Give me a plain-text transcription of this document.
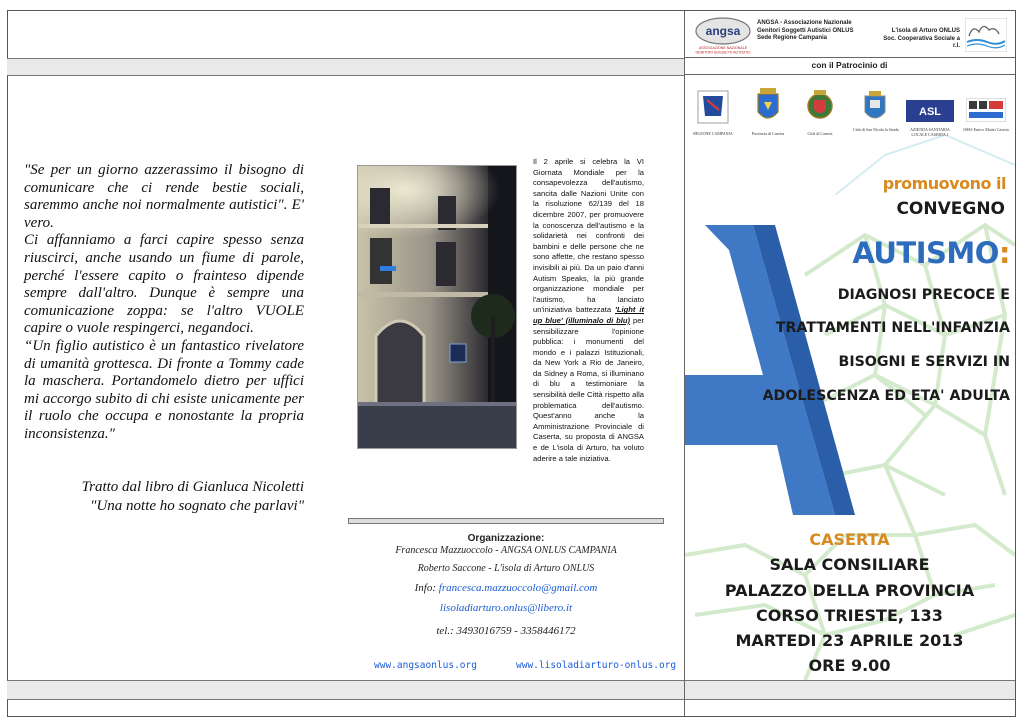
"Se per un giorno azzerassimo il bisogno di comunicare che ci rende bestie sociali, saremmo anche noi normalmente autistici". E' vero.

Ci affanniamo a farci capire spesso senza riuscirci, anche usando un fiume di parole, perché l'essere capito o frainteso dipende sempre dall'altro. Dunque è sempre una comunicazione zoppa: se l'altro VUOLE capire o vuole respingerci, negandoci.

“Un figlio autistico è un fantastico rivelatore di umanità grottesca. Di fronte a Tommy cade la maschera. Portandomelo dietro per uffici mi accorgo subito di chi esiste unicamente per il ruolo che occupa e nonostante la propria inconsistenza."

Tratto dal libro di Gianluca Nicoletti
"Una notte ho sognato che parlavi"
Il 2 aprile si celebra la VI Giornata Mondiale per la consapevolezza dell'autismo, sancita dalle Nazioni Unite con la risoluzione 62/139 del 18 dicembre 2007, per promuovere la conoscenza dell'autismo e la solidarietà nei confronti dei bambini e delle persone che ne sono affette, che restano spesso invisibili ai più. Da un paio d'anni Autism Speaks, la più grande organizzazione mondiale per l'autismo, ha lanciato un'iniziativa battezzata 'Light it up blue' (illuminalo di blu) per sensibilizzare l'opinione pubblica: i monumenti del mondo e i palazzi Istituzionali, da New York a Rio de Janeiro, da Sidney a Roma, si illuminano di blu a testimoniare la sensibilità delle Città rispetto alla problematica dell'autismo. Quest'anno anche la Amministrazione Provinciale di Caserta, su proposta di ANGSA e de L'isola di Arturo, ha voluto aderire a tale iniziativa.
Organizzazione:
Francesca Mazzuoccolo - ANGSA ONLUS CAMPANIA
Roberto Saccone - L'isola di Arturo ONLUS
Info: francesca.mazzuoccolo@gmail.com
lisoladiarturo.onlus@libero.it
tel.: 3493016759 - 3358446172
www.angsaonlus.org	www.lisoladiarturo-onlus.org
angsa
ASSOCIAZIONE NAZIONALE
GENITORI SOGGETTI AUTISTICI
ANGSA - Associazione Nazionale
Genitori Soggetti Autistici ONLUS
Sede Regione Campania
L'isola di Arturo ONLUS
Soc. Cooperativa Sociale a r.l.
con il Patrocinio di
REGIONE CAMPANIA	Provincia di Caserta	Città di Caserta
Città di San Nicola la Strada
ASL
AZIENDA SANITARIA LOCALE CASERTA 1
ISISS Enrico Mattei Caserta
promuovono il
CONVEGNO
AUTISMO:
DIAGNOSI PRECOCE E
TRATTAMENTI NELL'INFANZIA
BISOGNI E SERVIZI IN
ADOLESCENZA ED ETA' ADULTA
CASERTA
SALA CONSILIARE
PALAZZO DELLA PROVINCIA
CORSO TRIESTE, 133
MARTEDI 23 APRILE 2013
ORE 9.00
